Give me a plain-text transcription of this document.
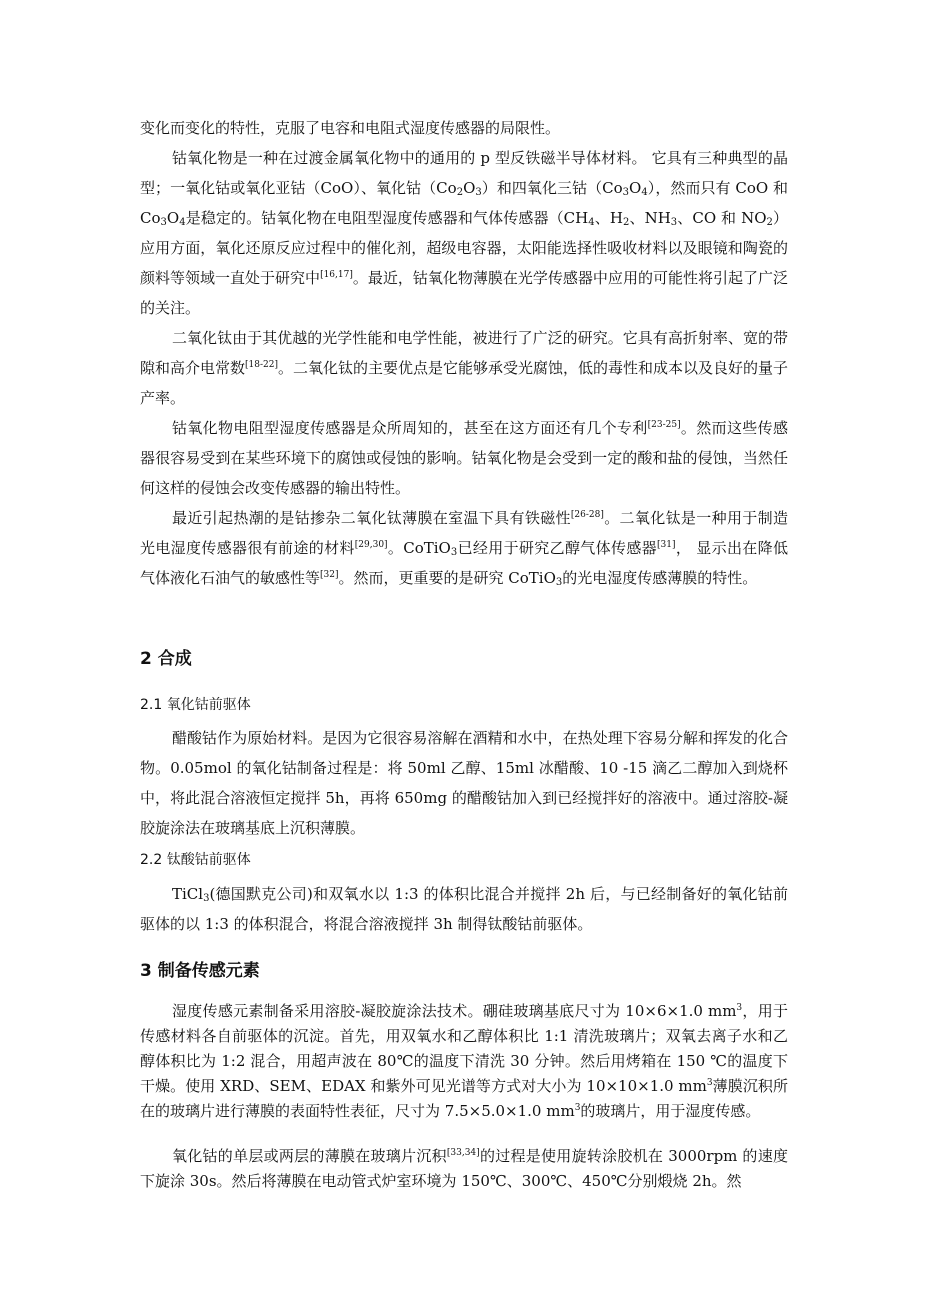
变化而变化的特性，克服了电容和电阻式湿度传感器的局限性。

钴氧化物是一种在过渡金属氧化物中的通用的 p 型反铁磁半导体材料。 它具有三种典型的晶型；一氧化钴或氧化亚钴（CoO）、氧化钴$(Co_2O_3)$和四氧化三钴$(Co_3O_4)$，然而只有 CoO 和 $Co_3O_4$是稳定的。钴氧化物在电阻型湿度传感器和气体传感器（$CH_4$、$H_2$、$NH_3$、CO 和 $NO_2$）应用方面，氧化还原反应过程中的催化剂，超级电容器，太阳能选择性吸收材料以及眼镜和陶瓷的颜料等领域一直处于研究中[16,17]。最近，钴氧化物薄膜在光学传感器中应用的可能性将引起了广泛的关注。

二氧化钛由于其优越的光学性能和电学性能，被进行了广泛的研究。它具有高折射率、宽的带隙和高介电常数[18-22]。二氧化钛的主要优点是它能够承受光腐蚀，低的毒性和成本以及良好的量子产率。

钴氧化物电阻型湿度传感器是众所周知的，甚至在这方面还有几个专利[23-25]。然而这些传感器很容易受到在某些环境下的腐蚀或侵蚀的影响。钴氧化物是会受到一定的酸和盐的侵蚀，当然任何这样的侵蚀会改变传感器的输出特性。

最近引起热潮的是钴掺杂二氧化钛薄膜在室温下具有铁磁性[26-28]。二氧化钛是一种用于制造光电湿度传感器很有前途的材料[29,30]。CoTiO$_3$已经用于研究乙醇气体传感器[31]， 显示出在降低气体液化石油气的敏感性等[32]。然而，更重要的是研究 CoTiO$_3$的光电湿度传感薄膜的特性。

2 合成
2.1 氧化钴前驱体

醋酸钴作为原始材料。是因为它很容易溶解在酒精和水中，在热处理下容易分解和挥发的化合物。0.05mol 的氧化钴制备过程是：将 50ml 乙醇、15ml 冰醋酸、10 -15 滴乙二醇加入到烧杯中，将此混合溶液恒定搅拌 5h，再将 650mg 的醋酸钴加入到已经搅拌好的溶液中。通过溶胶-凝胶旋涂法在玻璃基底上沉积薄膜。

2.2 钛酸钴前驱体

TiCl$_3$(德国默克公司)和双氧水以 1:3 的体积比混合并搅拌 2h 后，与已经制备好的氧化钴前驱体的以 1:3 的体积混合，将混合溶液搅拌 3h 制得钛酸钴前驱体。

3 制备传感元素

湿度传感元素制备采用溶胶-凝胶旋涂法技术。硼硅玻璃基底尺寸为 10×6×1.0 $mm^3$，用于传感材料各自前驱体的沉淀。首先，用双氧水和乙醇体积比 1:1 清洗玻璃片；双氧去离子水和乙醇体积比为 1:2 混合，用超声波在 80℃的温度下清洗 30 分钟。然后用烤箱在 150 ℃的温度下干燥。使用 XRD、SEM、EDAX 和紫外可见光谱等方式对大小为 10×10×1.0 $mm^3$薄膜沉积所在的玻璃片进行薄膜的表面特性表征，尺寸为 7.5×5.0×1.0 $mm^3$的玻璃片，用于湿度传感。

氧化钴的单层或两层的薄膜在玻璃片沉积[33,34]的过程是使用旋转涂胶机在 3000rpm 的速度下旋涂 30s。然后将薄膜在电动管式炉室环境为 150℃、300℃、450℃分别煅烧 2h。然
